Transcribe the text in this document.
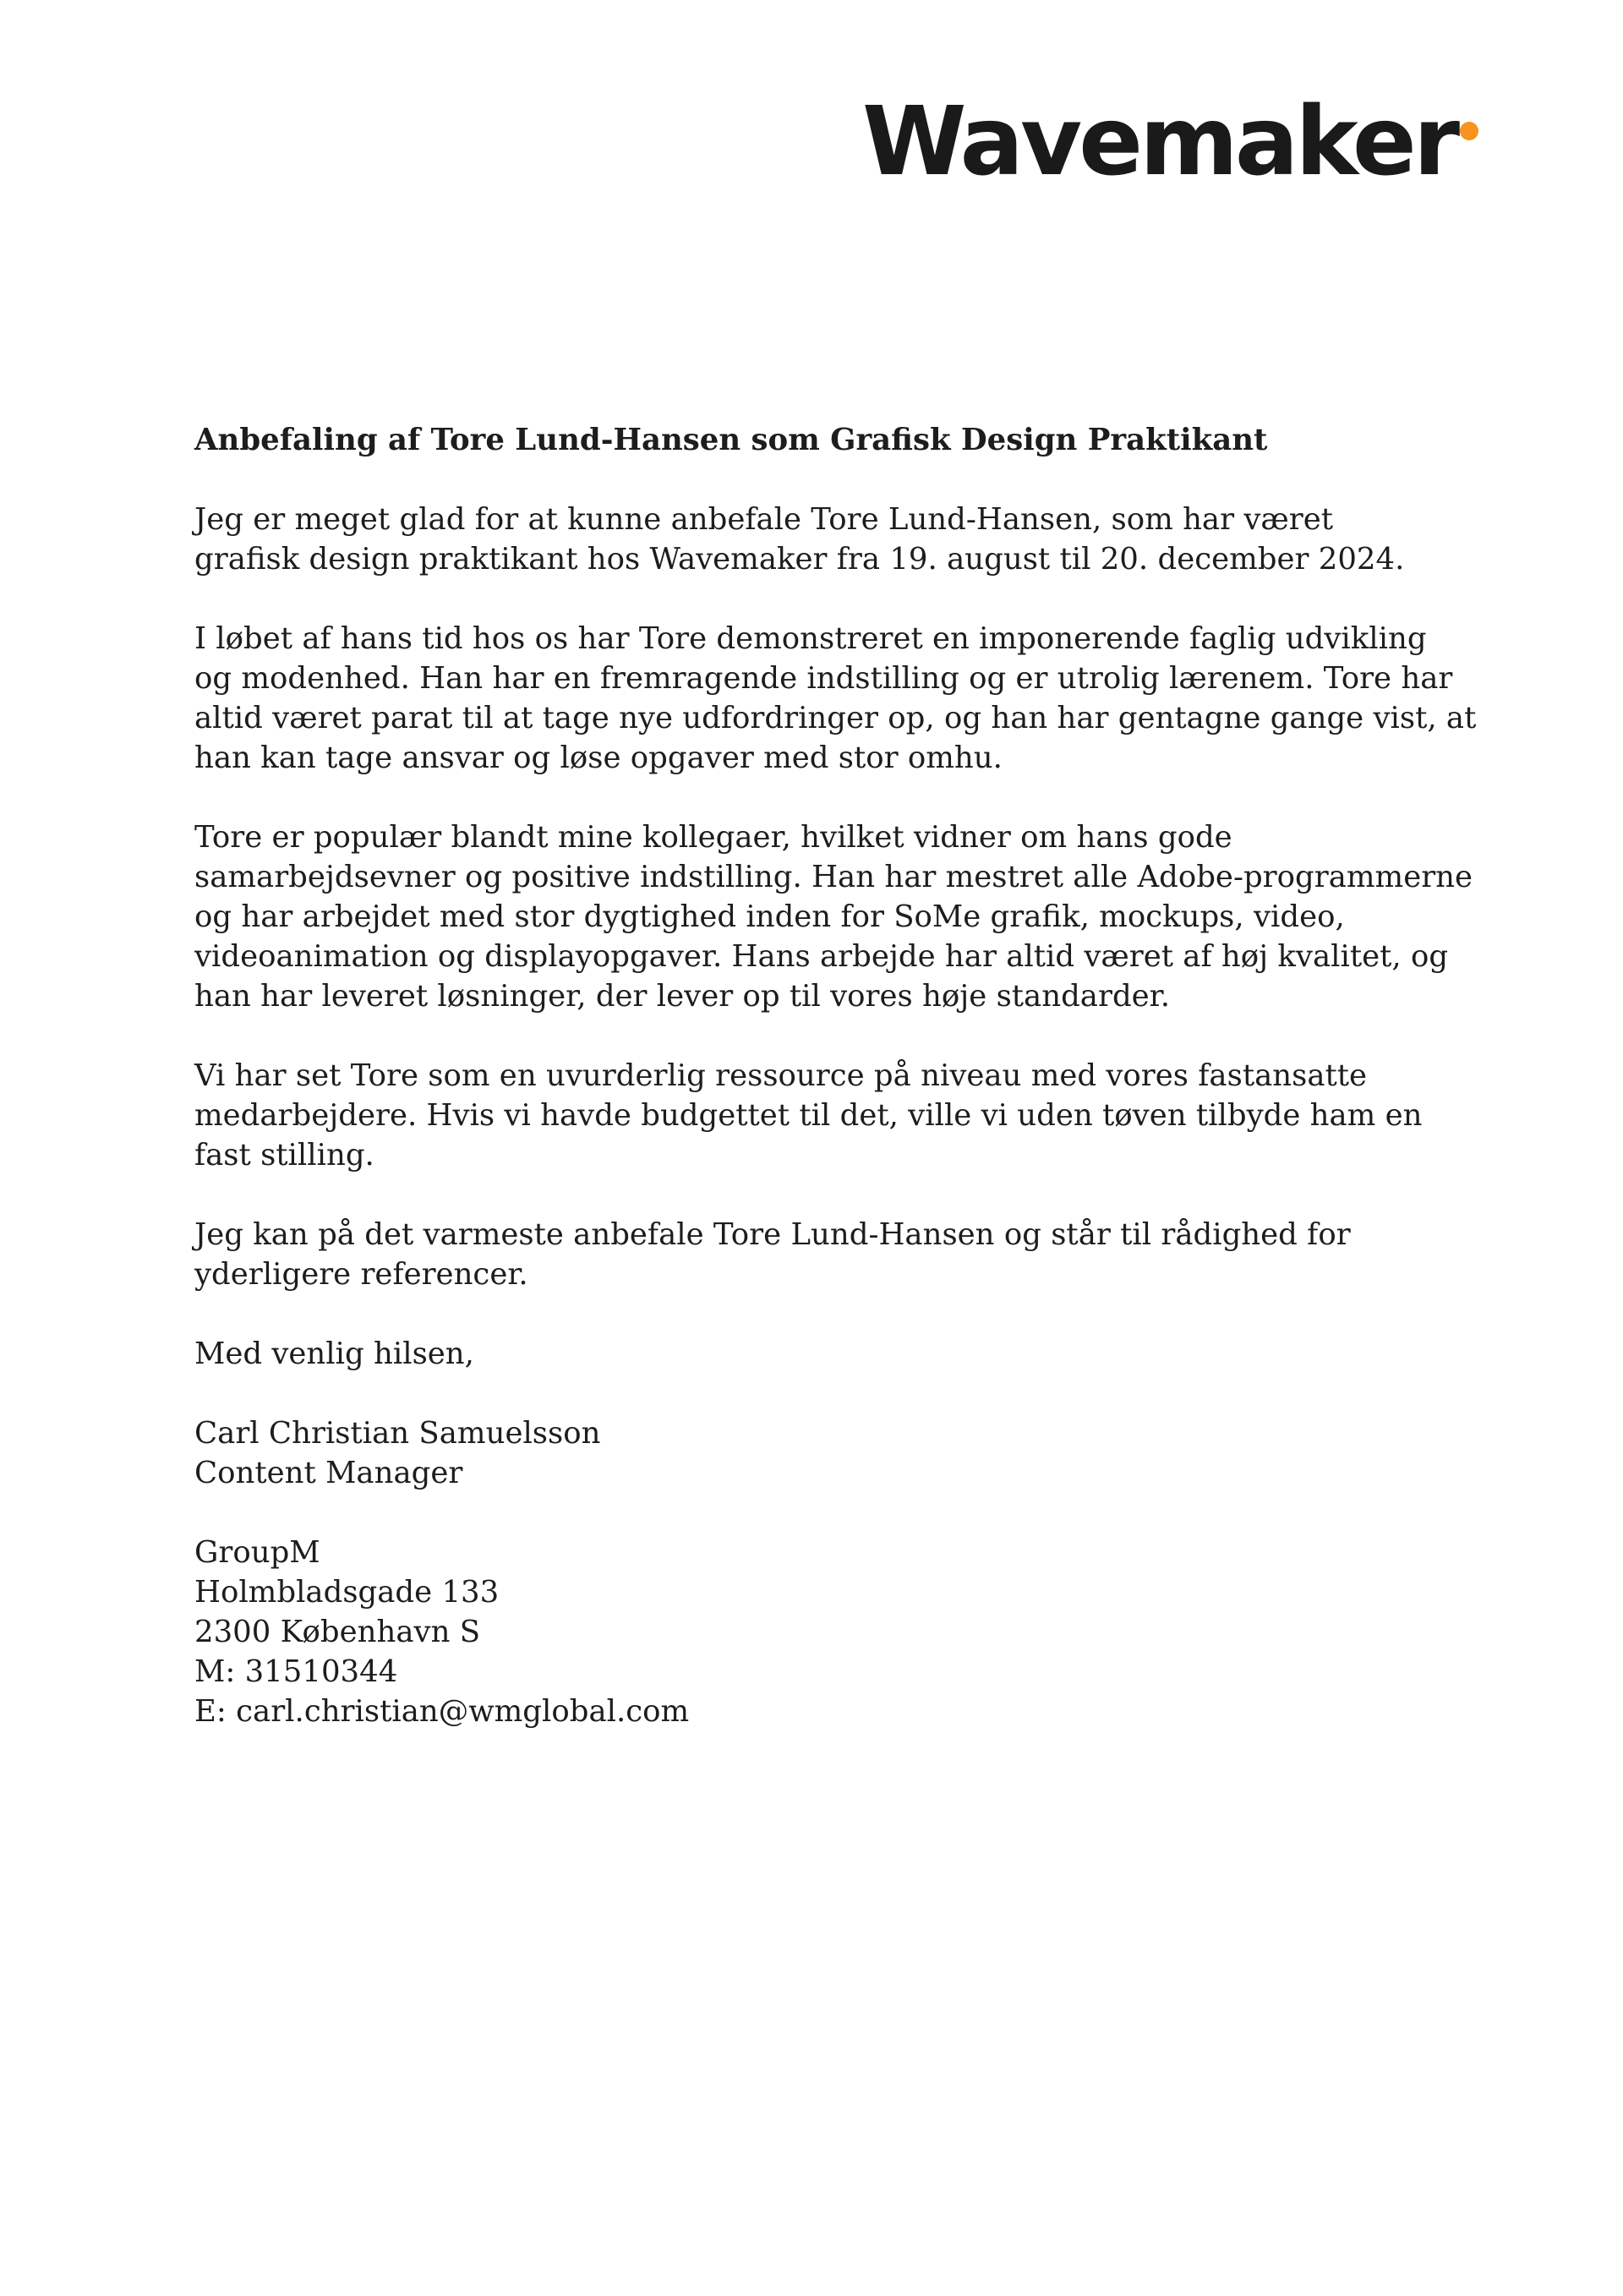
Wavemaker
Anbefaling af Tore Lund-Hansen som Grafisk Design Praktikant
Jeg er meget glad for at kunne anbefale Tore Lund-Hansen, som har været
grafisk design praktikant hos Wavemaker fra 19. august til 20. december 2024.
I løbet af hans tid hos os har Tore demonstreret en imponerende faglig udvikling
og modenhed. Han har en fremragende indstilling og er utrolig lærenem. Tore har
altid været parat til at tage nye udfordringer op, og han har gentagne gange vist, at
han kan tage ansvar og løse opgaver med stor omhu.
Tore er populær blandt mine kollegaer, hvilket vidner om hans gode
samarbejdsevner og positive indstilling. Han har mestret alle Adobe-programmerne
og har arbejdet med stor dygtighed inden for SoMe grafik, mockups, video,
videoanimation og displayopgaver. Hans arbejde har altid været af høj kvalitet, og
han har leveret løsninger, der lever op til vores høje standarder.
Vi har set Tore som en uvurderlig ressource på niveau med vores fastansatte
medarbejdere. Hvis vi havde budgettet til det, ville vi uden tøven tilbyde ham en
fast stilling.
Jeg kan på det varmeste anbefale Tore Lund-Hansen og står til rådighed for
yderligere referencer.
Med venlig hilsen,
Carl Christian Samuelsson
Content Manager
GroupM
Holmbladsgade 133
2300 København S
M: 31510344
E: carl.christian@wmglobal.com
